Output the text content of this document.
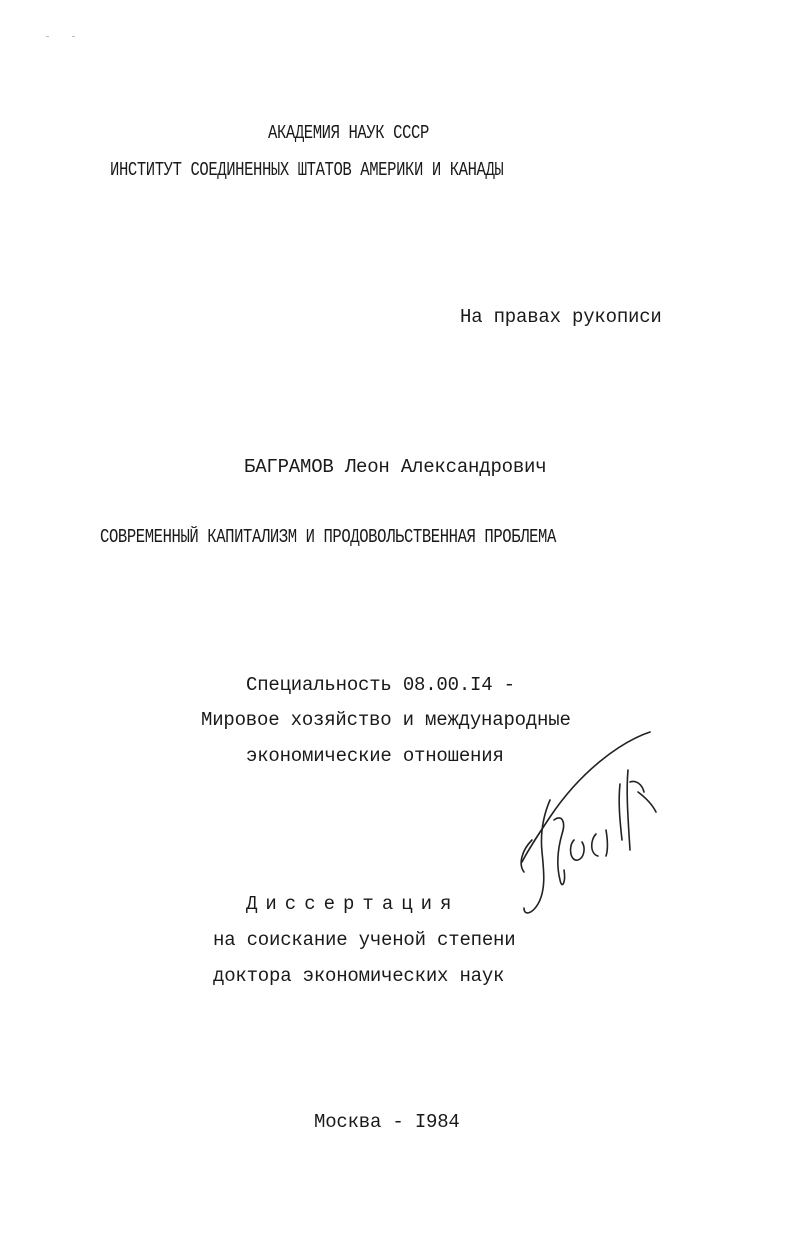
АКАДЕМИЯ НАУК СССР
ИНСТИТУТ СОЕДИНЕННЫХ ШТАТОВ АМЕРИКИ И КАНАДЫ
На правах рукописи
БАГРАМОВ Леон Александрович
СОВРЕМЕННЫЙ КАПИТАЛИЗМ И ПРОДОВОЛЬСТВЕННАЯ ПРОБЛЕМА
Специальность 08.00.I4 -
Мировое хозяйство и международные
экономические отношения
Диссертация
на соискание ученой степени
доктора экономических наук
Москва - I984
